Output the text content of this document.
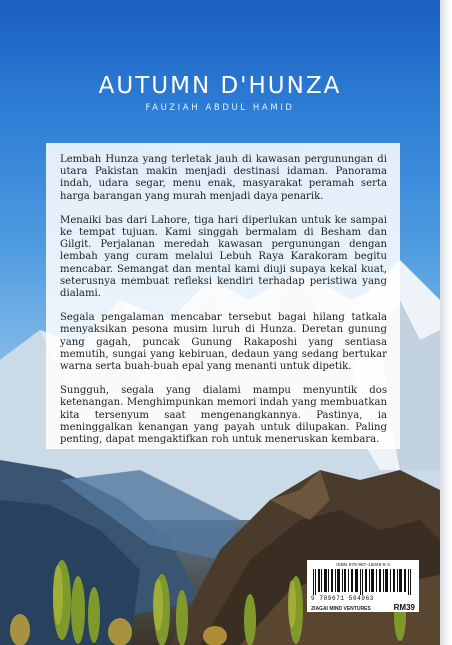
AUTUMN D'HUNZA

FAUZIAH ABDUL HAMID

Lembah Hunza yang terletak jauh di kawasan pergunungan di utara Pakistan makin menjadi destinasi idaman. Panorama indah, udara segar, menu enak, masyarakat peramah serta harga barangan yang murah menjadi daya penarik.

Menaiki bas dari Lahore, tiga hari diperlukan untuk ke sampai ke tempat tujuan. Kami singgah bermalam di Besham dan Gilgit. Perjalanan meredah kawasan pergunungan dengan lembah yang curam melalui Lebuh Raya Karakoram begitu mencabar. Semangat dan mental kami diuji supaya kekal kuat, seterusnya membuat refleksi kendiri terhadap peristiwa yang dialami.

Segala pengalaman mencabar tersebut bagai hilang tatkala menyaksikan pesona musim luruh di Hunza. Deretan gunung yang gagah, puncak Gunung Rakaposhi yang sentiasa memutih, sungai yang kebiruan, dedaun yang sedang bertukar warna serta buah-buah epal yang menanti untuk dipetik.

Sungguh, segala yang dialami mampu menyuntik dos ketenangan. Menghimpunkan memori indah yang membuatkan kita tersenyum saat mengenangkannya. Pastinya, ia meninggalkan kenangan yang payah untuk dilupakan. Paling penting, dapat mengaktifkan roh untuk meneruskan kembara.

ISBN 978-967-15049-6-3
9 789671 504963
ZIAGAI MIND VENTURES	RM39
